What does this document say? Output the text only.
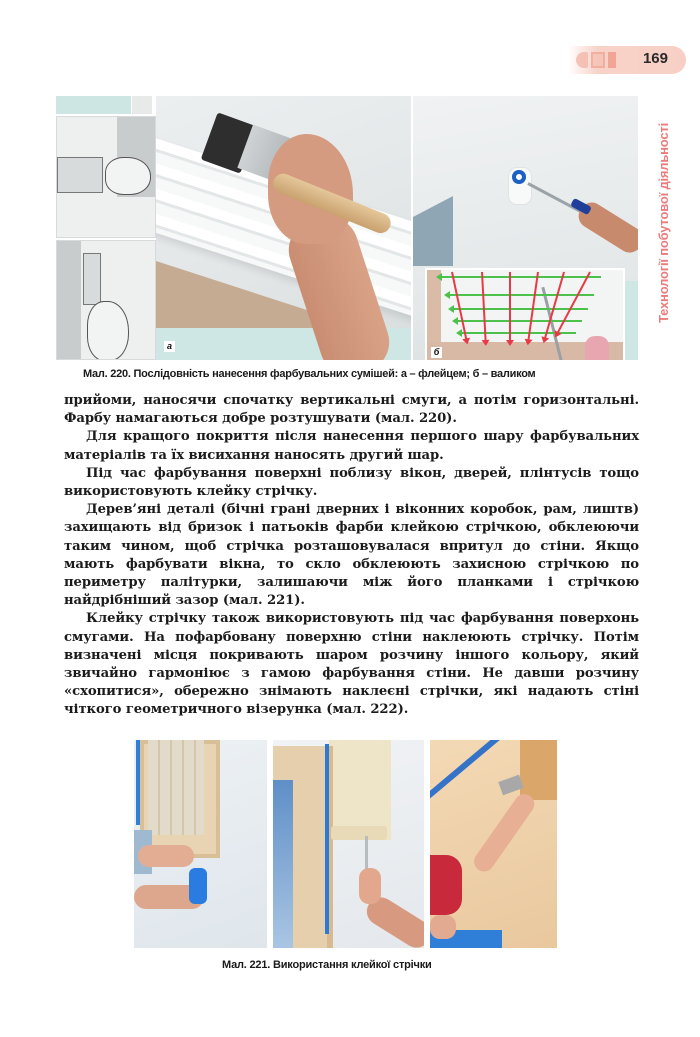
169
Технології побутової діяльності
а
б
Мал. 220. Послідовність нанесення фарбувальних сумішей: а – флейцем; б – валиком

прийоми, наносячи спочатку вертикальні смуги, а потім горизонтальні. Фарбу намагаються добре розтушувати (мал. 220).

Для кращого покриття після нанесення першого шару фарбувальних матеріалів та їх висихання наносять другий шар.

Під час фарбування поверхні поблизу вікон, дверей, плінтусів тощо використовують клейку стрічку.

Дерев’яні деталі (бічні грані дверних і віконних коробок, рам, лиштв) захищають від бризок і патьоків фарби клейкою стрічкою, обклеюючи таким чином, щоб стрічка розташовувалася впритул до стіни. Якщо мають фарбувати вікна, то скло обклеюють захисною стрічкою по периметру палітурки, залишаючи між його планками і стрічкою найдрібніший зазор (мал. 221).

Клейку стрічку також використовують під час фарбування поверхонь смугами. На пофарбовану поверхню стіни наклеюють стрічку. Потім визначені місця покривають шаром розчину іншого кольору, який звичайно гармоніює з гамою фарбування стіни. Не давши розчину «схопитися», обережно знімають наклеєні стрічки, які надають стіні чіткого геометричного візерунка (мал. 222).

Мал. 221. Використання клейкої стрічки
